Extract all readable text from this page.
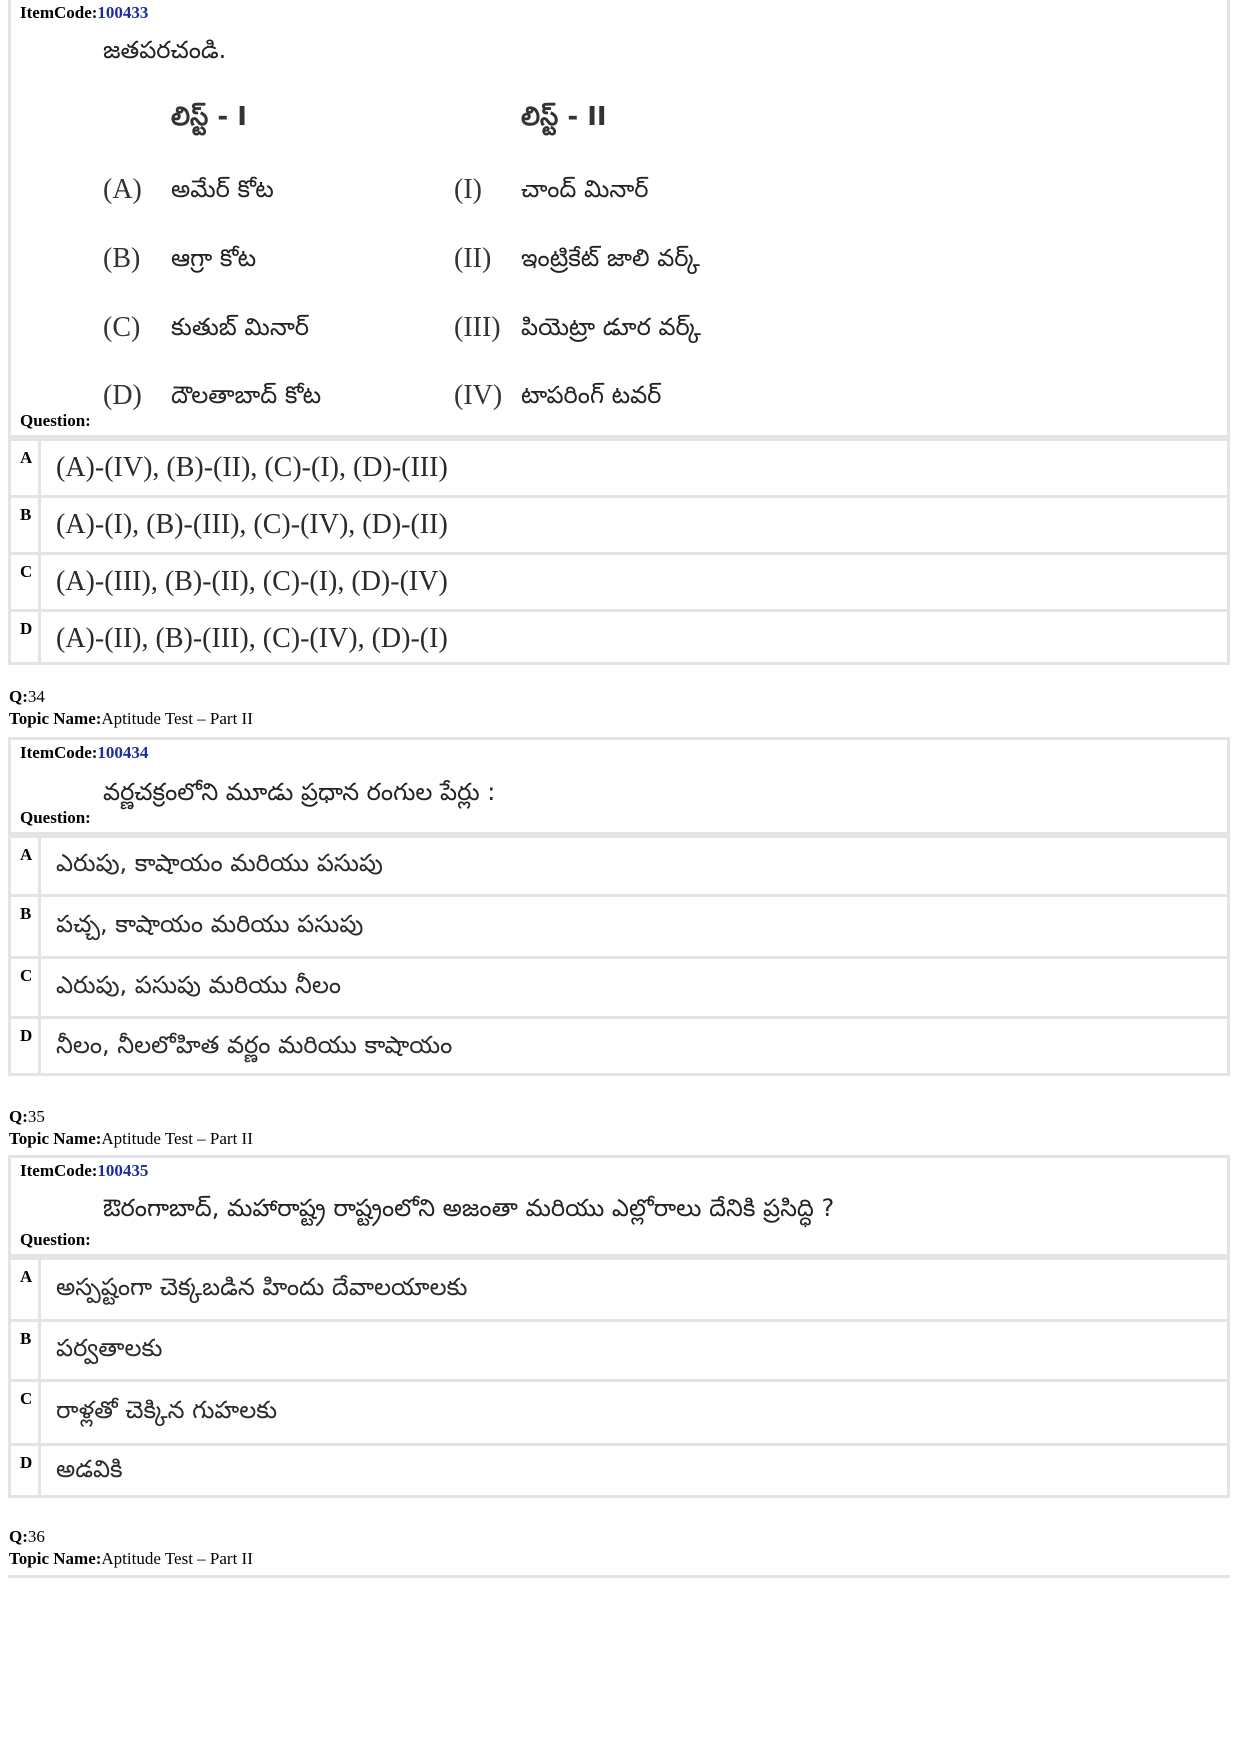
ItemCode:100433
జతపరచండి.
లిస్ట్ - I	లిస్ట్ - II
(A) అమేర్ కోట	(I) చాంద్ మినార్
(B) ఆగ్రా కోట	(II) ఇంట్రికేట్ జాలి వర్క్
(C) కుతుబ్ మినార్	(III) పియెట్రా డూర వర్క్
(D) దౌలతాబాద్ కోట	(IV) టాపరింగ్ టవర్
Question:
A (A)-(IV), (B)-(II), (C)-(I), (D)-(III)
B (A)-(I), (B)-(III), (C)-(IV), (D)-(II)
C (A)-(III), (B)-(II), (C)-(I), (D)-(IV)
D (A)-(II), (B)-(III), (C)-(IV), (D)-(I)
Q:34
Topic Name:Aptitude Test – Part II
ItemCode:100434
వర్ణచక్రంలోని మూడు ప్రధాన రంగుల పేర్లు :
Question:
A ఎరుపు, కాషాయం మరియు పసుపు
B	పచ్చ, కాషాయం మరియు పసుపు
C ఎరుపు, పసుపు మరియు నీలం
D నీలం, నీలలోహిత వర్ణం మరియు కాషాయం
Q:35
Topic Name:Aptitude Test – Part II
ItemCode:100435
ఔరంగాబాద్, మహారాష్ట్ర రాష్ట్రంలోని అజంతా మరియు ఎల్లోరాలు దేనికి ప్రసిద్ధి ?
Question:
A అస్పష్టంగా చెక్కబడిన హిందు దేవాలయాలకు
B	పర్వతాలకు
C రాళ్లతో చెక్కిన గుహలకు
D అడవికి
Q:36
Topic Name:Aptitude Test – Part II
